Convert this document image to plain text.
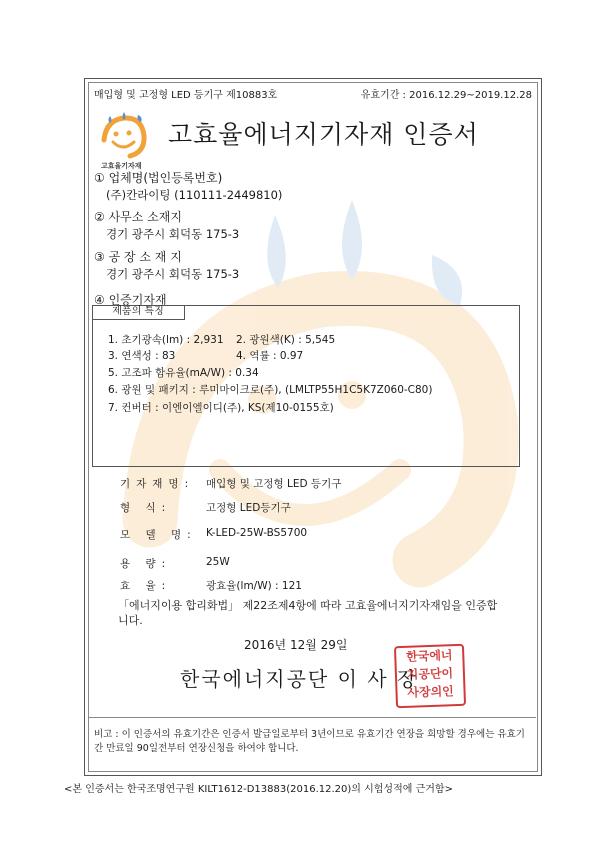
매입형 및 고정형 LED 등기구 제10883호	유효기간 : 2016.12.29~2019.12.28
고효율기자재
고효율에너지기자재 인증서
① 업체명(법인등록번호)
(주)칸라이팅 (110111-2449810)
② 사무소 소재지
경기 광주시 회덕동 175-3
③ 공 장 소 재 지
경기 광주시 회덕동 175-3
④ 인증기자재
제품의 특징
1. 초기광속(lm) : 2,931 2. 광원색(K) : 5,545
3. 연색성 : 83	4. 역률 : 0.97
5. 고조파 함유율(mA/W) : 0.34
6. 광원 및 패키지 : 루미마이크로(주), (LMLTP55H1C5K7Z060-C80)
7. 컨버터 : 이엔이엘이디(주), KS(제10-0155호)
기자재명: 매입형 및 고정형 LED 등기구
형 식:	고정형 LED등기구
모 델 명: K-LED-25W-BS5700
용 량:	25W
효 율:	광효율(lm/W) : 121
「에너지이용 합리화법」 제22조제4항에 따라 고효율에너지기자재임을 인증합니다.
2016년 12월 29일
한국에너지공단 이 사 장
한국에너
지공단이
사장의인
비고 : 이 인증서의 유효기간은 인증서 발급일로부터 3년이므로 유효기간 연장을 희망할 경우에는 유효기간 만료일 90일전부터 연장신청을 하여야 합니다.
<본 인증서는 한국조명연구원 KILT1612-D13883(2016.12.20)의 시험성적에 근거함>
